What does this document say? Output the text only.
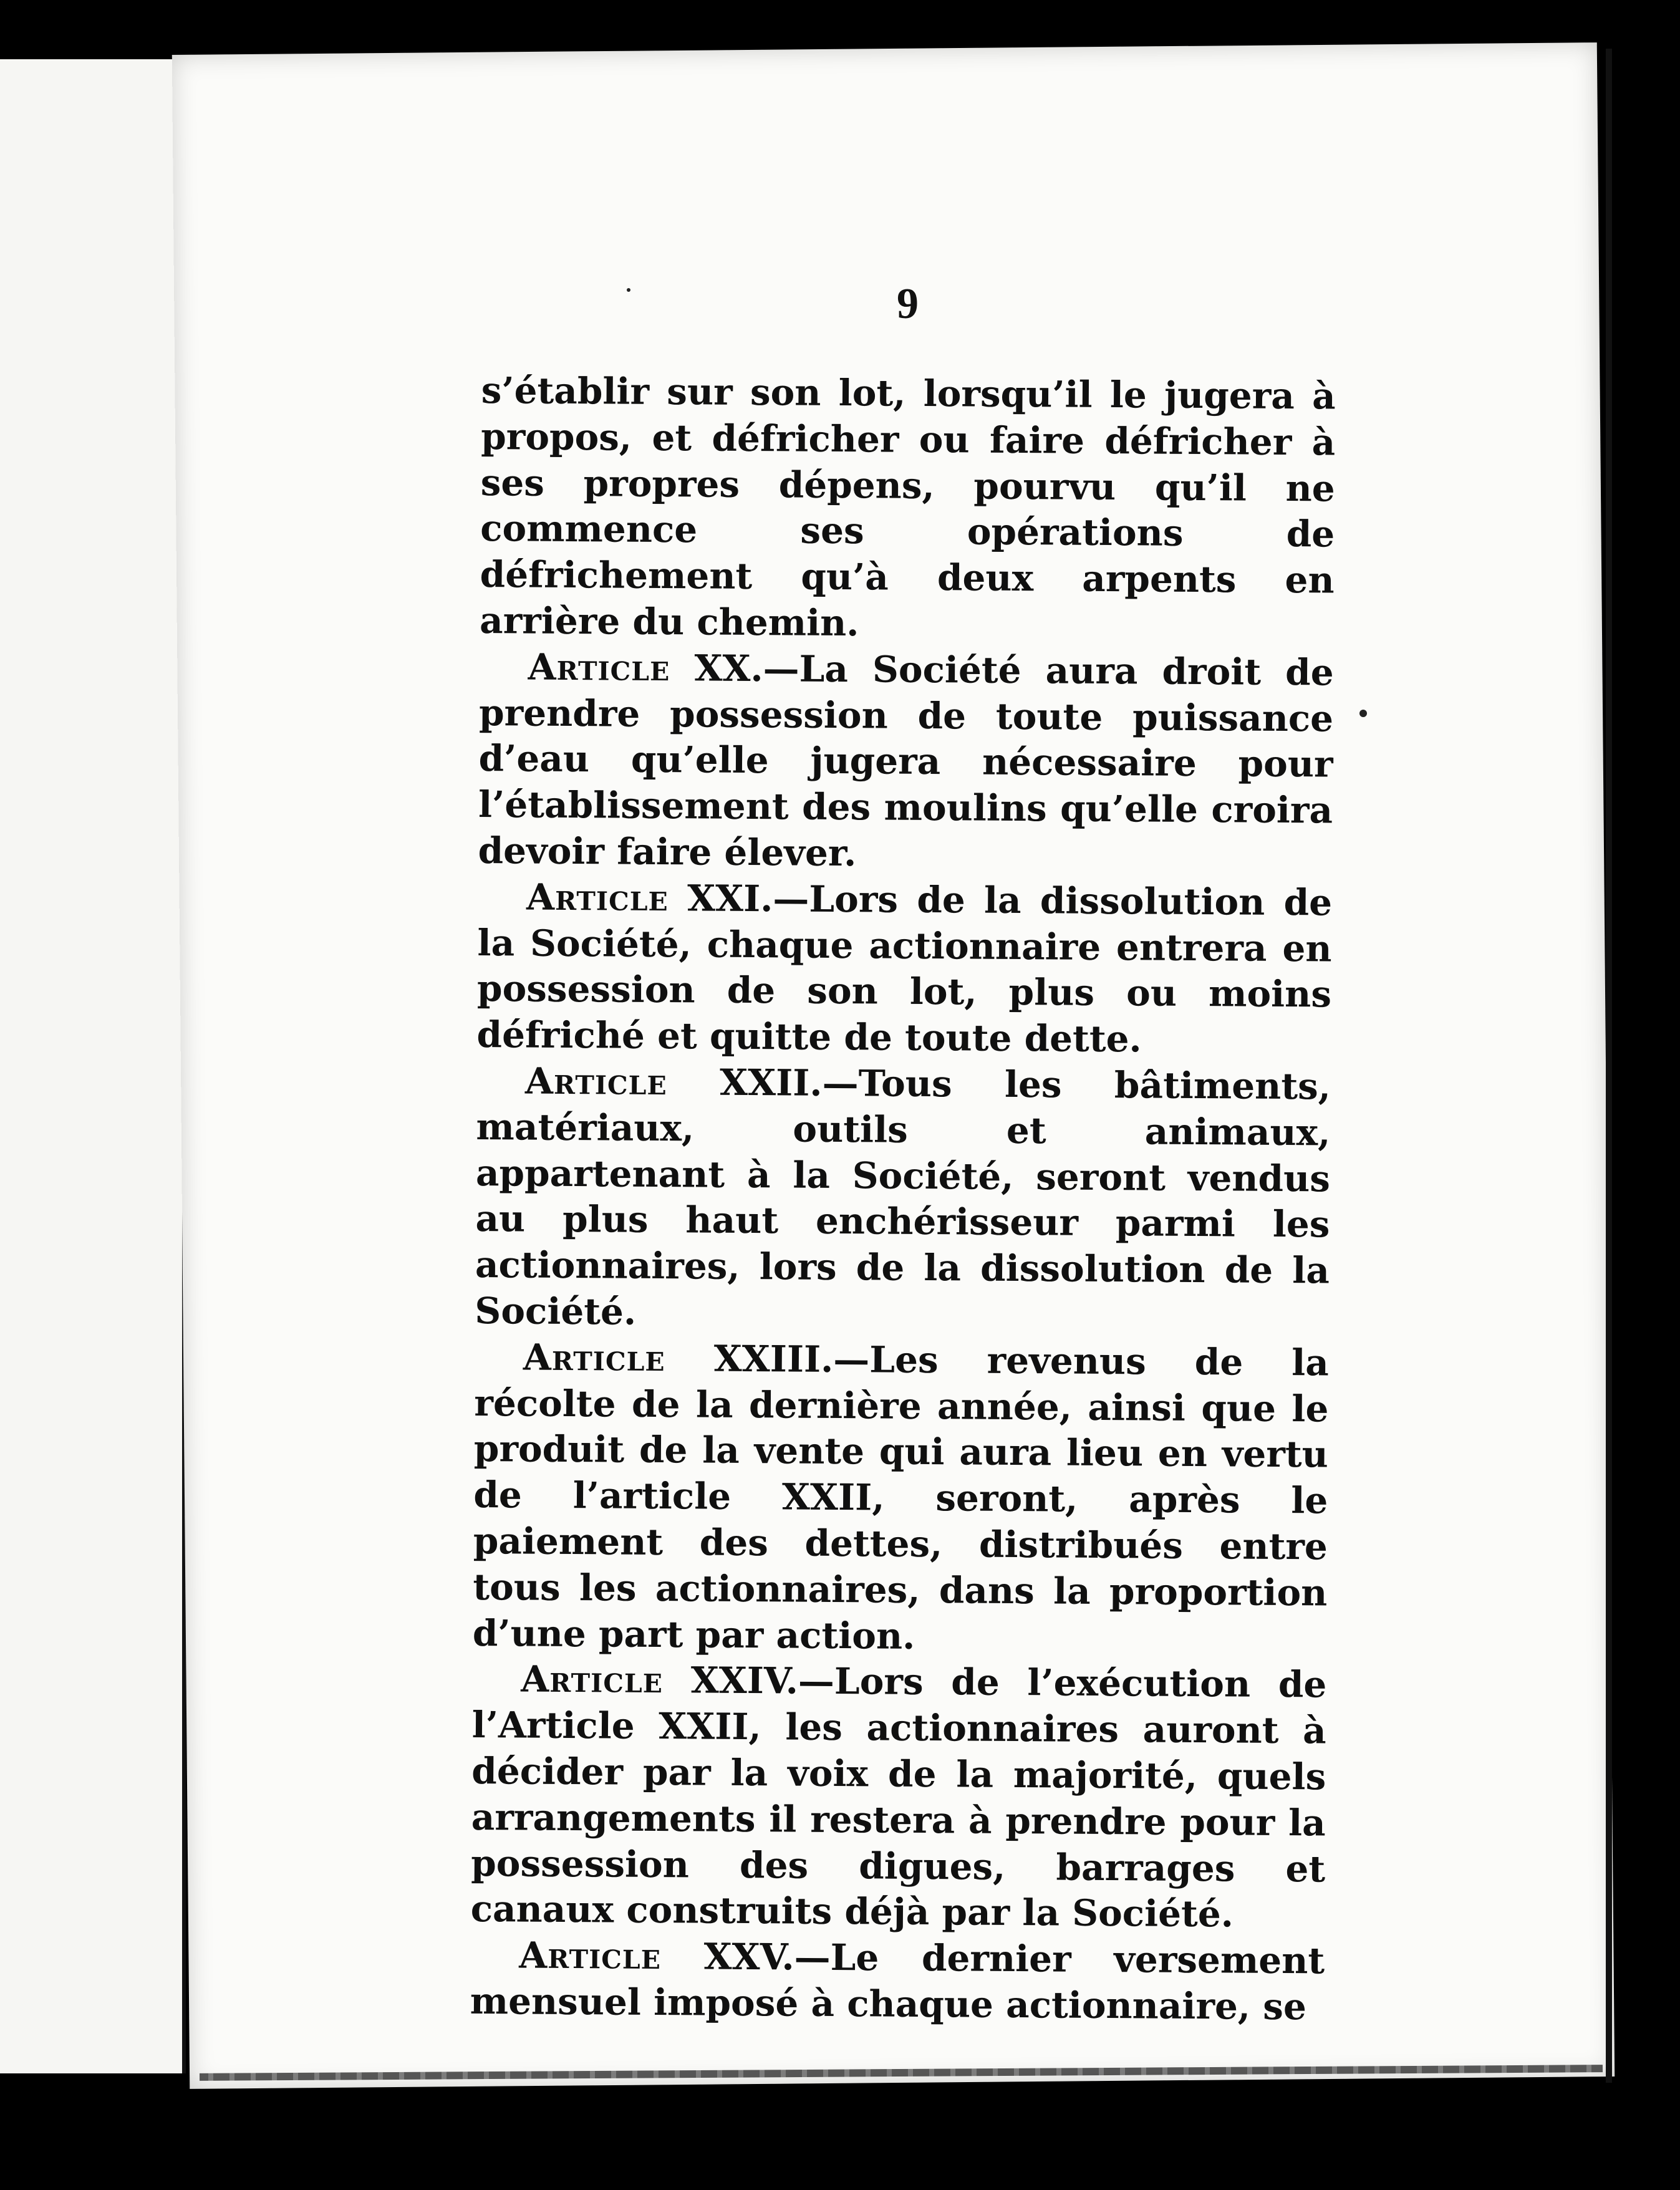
9

s’établir sur son lot, lorsqu’il le jugera à propos, et défricher ou faire défricher à ses propres dépens, pourvu qu’il ne commence ses opérations de défrichement qu’à deux arpents en arrière du chemin.

Article XX.—La Société aura droit de prendre possession de toute puissance d’eau qu’elle jugera nécessaire pour l’établissement des moulins qu’elle croira devoir faire élever.

Article XXI.—Lors de la dissolution de la Société, chaque actionnaire entrera en possession de son lot, plus ou moins défriché et quitte de toute dette.

Article XXII.—Tous les bâtiments, matériaux, outils et animaux, appartenant à la Société, seront vendus au plus haut enchérisseur parmi les actionnaires, lors de la dissolution de la Société.

Article XXIII.—Les revenus de la récolte de la dernière année, ainsi que le produit de la vente qui aura lieu en vertu de l’article XXII, seront, après le paiement des dettes, distribués entre tous les actionnaires, dans la proportion d’une part par action.

Article XXIV.—Lors de l’exécution de l’Article XXII, les actionnaires auront à décider par la voix de la majorité, quels arrangements il restera à prendre pour la possession des digues, barrages et canaux construits déjà par la Société.

Article XXV.—Le dernier versement mensuel imposé à chaque actionnaire, se
